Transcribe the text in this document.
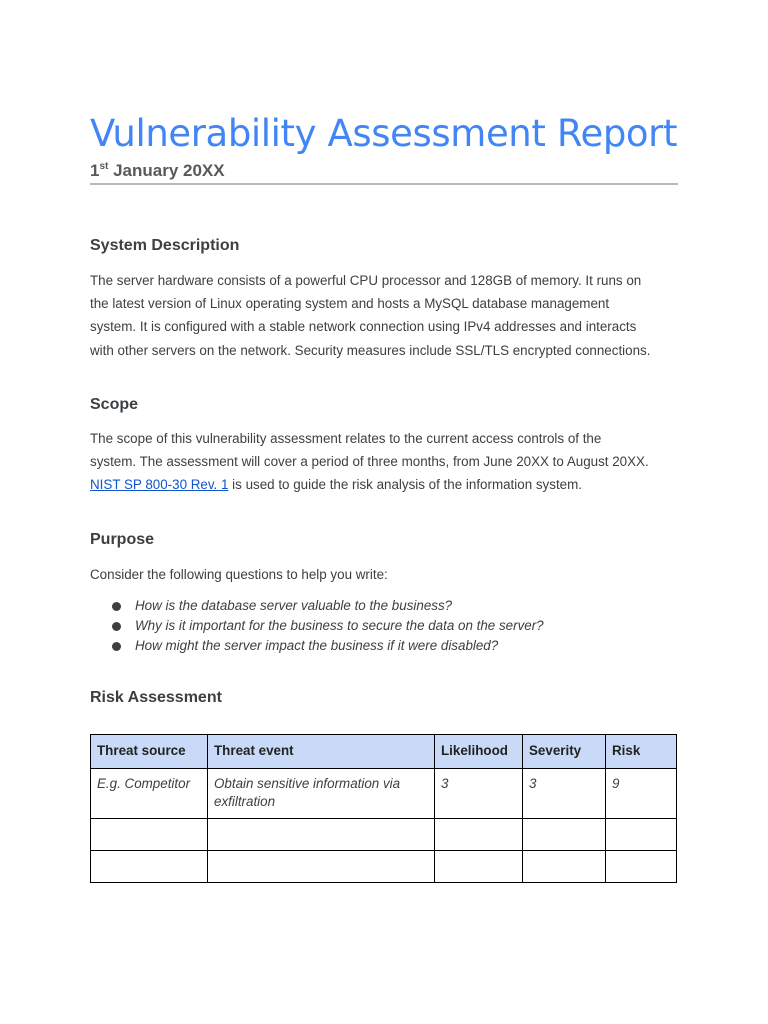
Vulnerability Assessment Report
1st January 20XX
System Description

The server hardware consists of a powerful CPU processor and 128GB of memory. It runs on
the latest version of Linux operating system and hosts a MySQL database management
system. It is configured with a stable network connection using IPv4 addresses and interacts
with other servers on the network. Security measures include SSL/TLS encrypted connections.

Scope

The scope of this vulnerability assessment relates to the current access controls of the
system. The assessment will cover a period of three months, from June 20XX to August 20XX.
NIST SP 800-30 Rev. 1 is used to guide the risk analysis of the information system.

Purpose

Consider the following questions to help you write:

How is the database server valuable to the business?
Why is it important for the business to secure the data on the server?
How might the server impact the business if it were disabled?
Risk Assessment
Threat source	Threat event	Likelihood	Severity	Risk
E.g. Competitor	Obtain sensitive information via exfiltration	3	3	9
